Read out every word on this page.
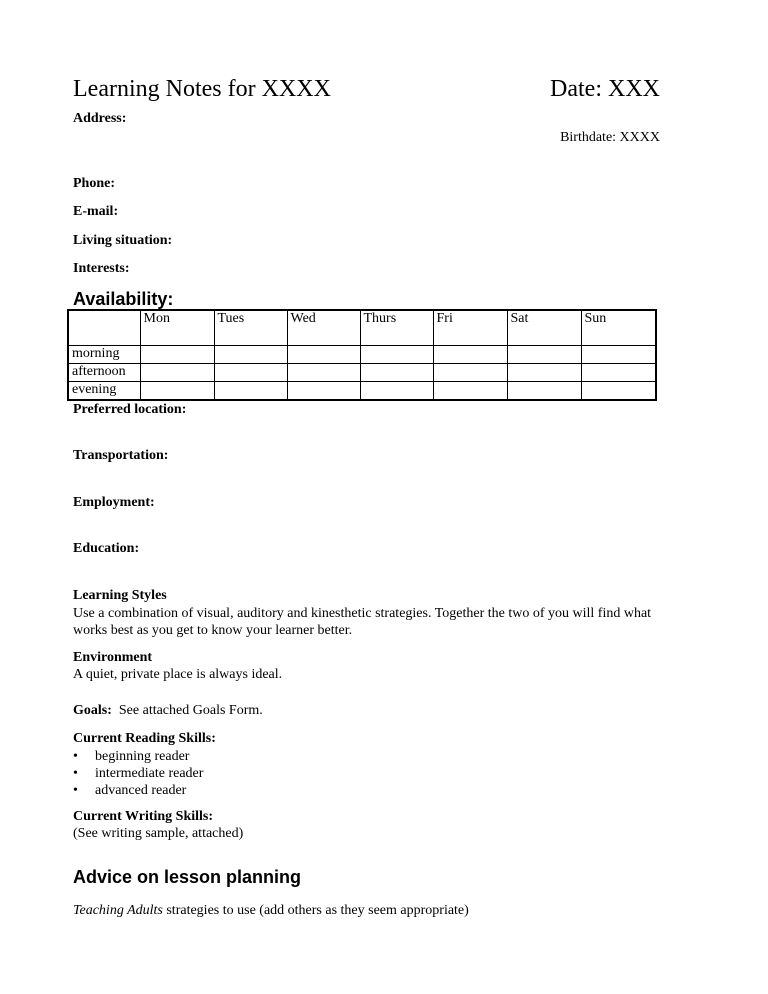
Learning Notes for XXXX	Date: XXX
Address:
Birthdate: XXXX
Phone:
E-mail:
Living situation:
Interests:
Availability:
	Mon	Tues	Wed	Thurs	Fri	Sat	Sun
morning							
afternoon							
evening							
Preferred location:
Transportation:
Employment:
Education:
Learning Styles
Use a combination of visual, auditory and kinesthetic strategies. Together the two of you will find what works best as you get to know your learner better.
Environment
A quiet, private place is always ideal.
Goals: See attached Goals Form.
Current Reading Skills:
• beginning reader
• intermediate reader
• advanced reader
Current Writing Skills:
(See writing sample, attached)
Advice on lesson planning
Teaching Adults strategies to use (add others as they seem appropriate)
